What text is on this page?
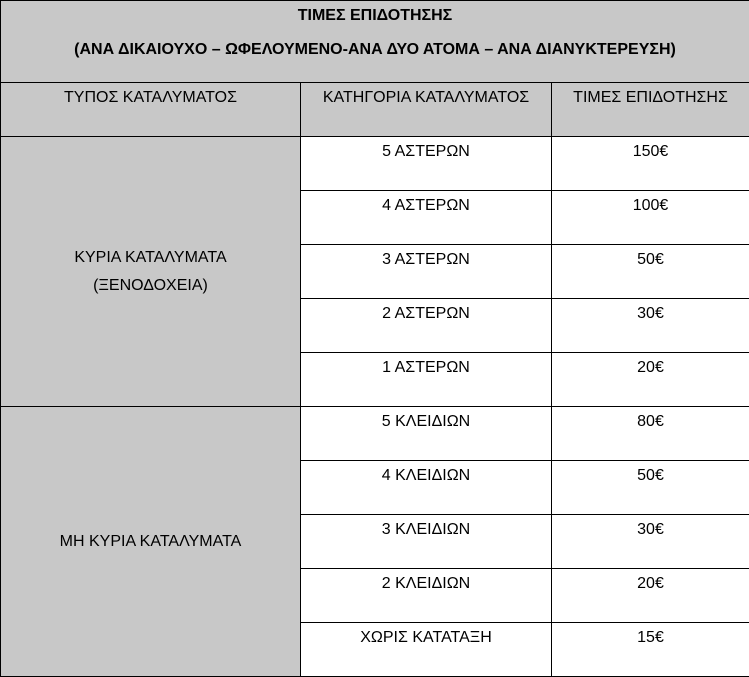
ΤΙΜΕΣ ΕΠΙΔΟΤΗΣΗΣ
(ΑΝΑ ΔΙΚΑΙΟΥΧΟ – ΩΦΕΛΟΥΜΕΝΟ-ΑΝΑ ΔΥΟ ΑΤΟΜΑ – ΑΝΑ ΔΙΑΝΥΚΤΕΡΕΥΣΗ)		

ΤΥΠΟΣ ΚΑΤΑΛΥΜΑΤΟΣ	ΚΑΤΗΓΟΡΙΑ ΚΑΤΑΛΥΜΑΤΟΣ	ΤΙΜΕΣ ΕΠΙΔΟΤΗΣΗΣ

ΚΥΡΙΑ ΚΑΤΑΛΥΜΑΤΑ
(ΞΕΝΟΔΟΧΕΙΑ)	5 ΑΣΤΕΡΩΝ	150€
	4 ΑΣΤΕΡΩΝ	100€
	3 ΑΣΤΕΡΩΝ	50€
	2 ΑΣΤΕΡΩΝ	30€
	1 ΑΣΤΕΡΩΝ	20€

ΜΗ ΚΥΡΙΑ ΚΑΤΑΛΥΜΑΤΑ	5 ΚΛΕΙΔΙΩΝ	80€
	4 ΚΛΕΙΔΙΩΝ	50€
	3 ΚΛΕΙΔΙΩΝ	30€
	2 ΚΛΕΙΔΙΩΝ	20€
	ΧΩΡΙΣ ΚΑΤΑΤΑΞΗ	15€
